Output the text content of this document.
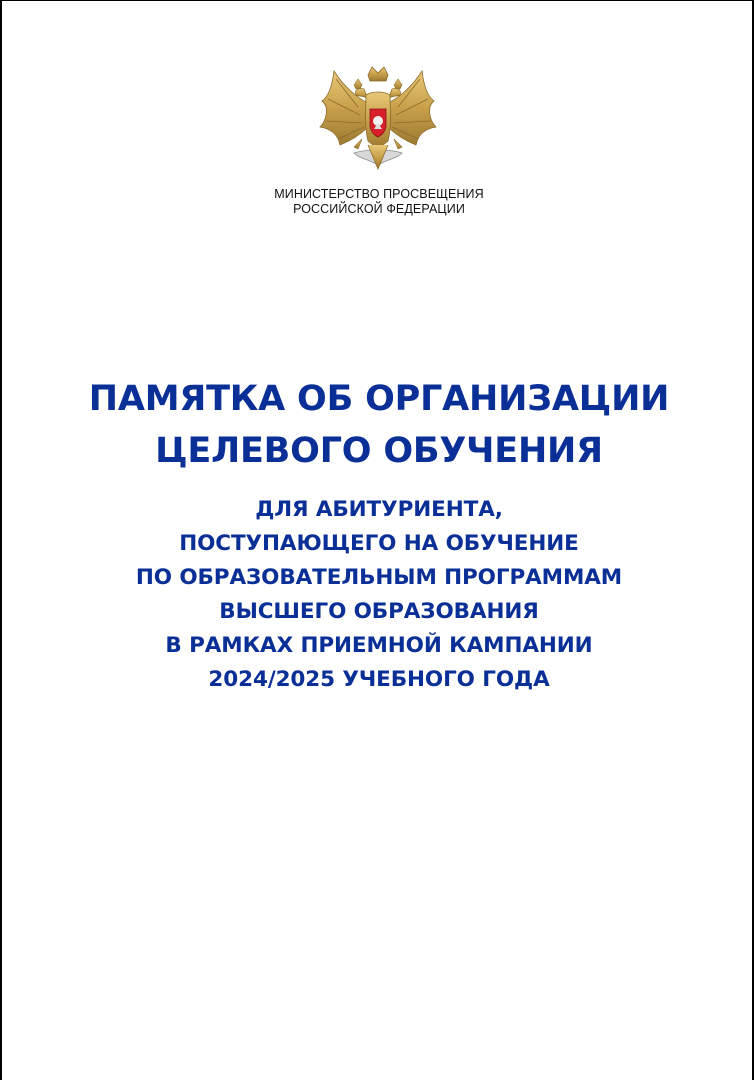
МИНИСТЕРСТВО ПРОСВЕЩЕНИЯ
РОССИЙСКОЙ ФЕДЕРАЦИИ
ПАМЯТКА ОБ ОРГАНИЗАЦИИ
ЦЕЛЕВОГО ОБУЧЕНИЯ
ДЛЯ АБИТУРИЕНТА,
ПОСТУПАЮЩЕГО НА ОБУЧЕНИЕ
ПО ОБРАЗОВАТЕЛЬНЫМ ПРОГРАММАМ
ВЫСШЕГО ОБРАЗОВАНИЯ
В РАМКАХ ПРИЕМНОЙ КАМПАНИИ
2024/2025 УЧЕБНОГО ГОДА
